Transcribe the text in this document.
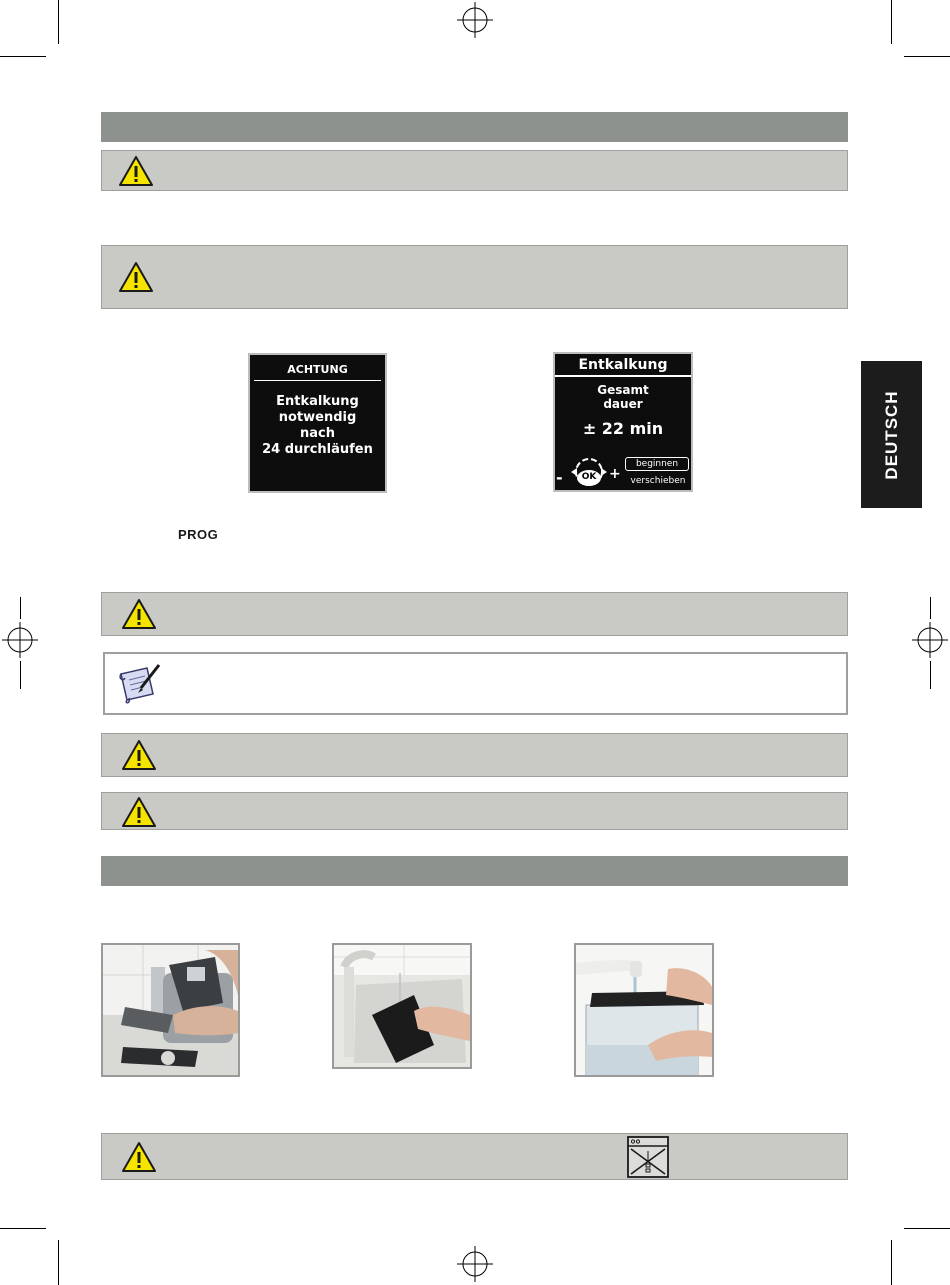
ACHTUNG
Entkalkung
notwendig
nach
24 durchläufen
Entkalkung
Gesamt
dauer
± 22 min
OK
-	+
beginnen
verschieben
DEUTSCH
PROG
